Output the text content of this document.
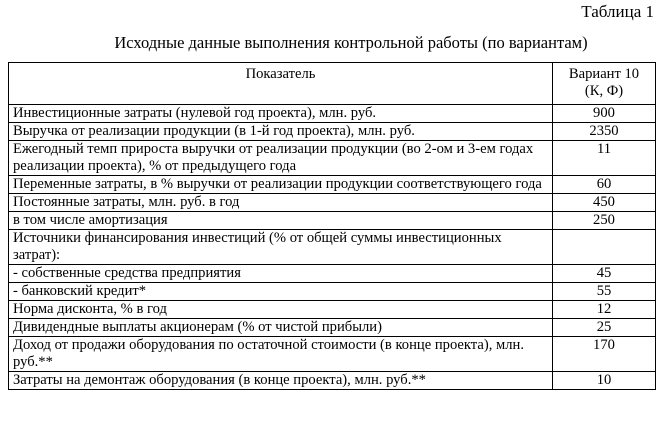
Таблица 1
Исходные данные выполнения контрольной работы (по вариантам)
Показатель	Вариант 10
(К, Ф)
Инвестиционные затраты (нулевой год проекта), млн. руб.	900
Выручка от реализации продукции (в 1-й год проекта), млн. руб.	2350
Ежегодный темп прироста выручки от реализации продукции (во 2-ом и 3-ем годах реализации проекта), % от предыдущего года	11
Переменные затраты, в % выручки от реализации продукции соответствующего года	60
Постоянные затраты, млн. руб. в год	450
в том числе амортизация	250
Источники финансирования инвестиций (% от общей суммы инвестиционных затрат):	
- собственные средства предприятия	45
- банковский кредит*	55
Норма дисконта, % в год	12
Дивидендные выплаты акционерам (% от чистой прибыли)	25
Доход от продажи оборудования по остаточной стоимости (в конце проекта), млн. руб.**	170
Затраты на демонтаж оборудования (в конце проекта), млн. руб.**	10
